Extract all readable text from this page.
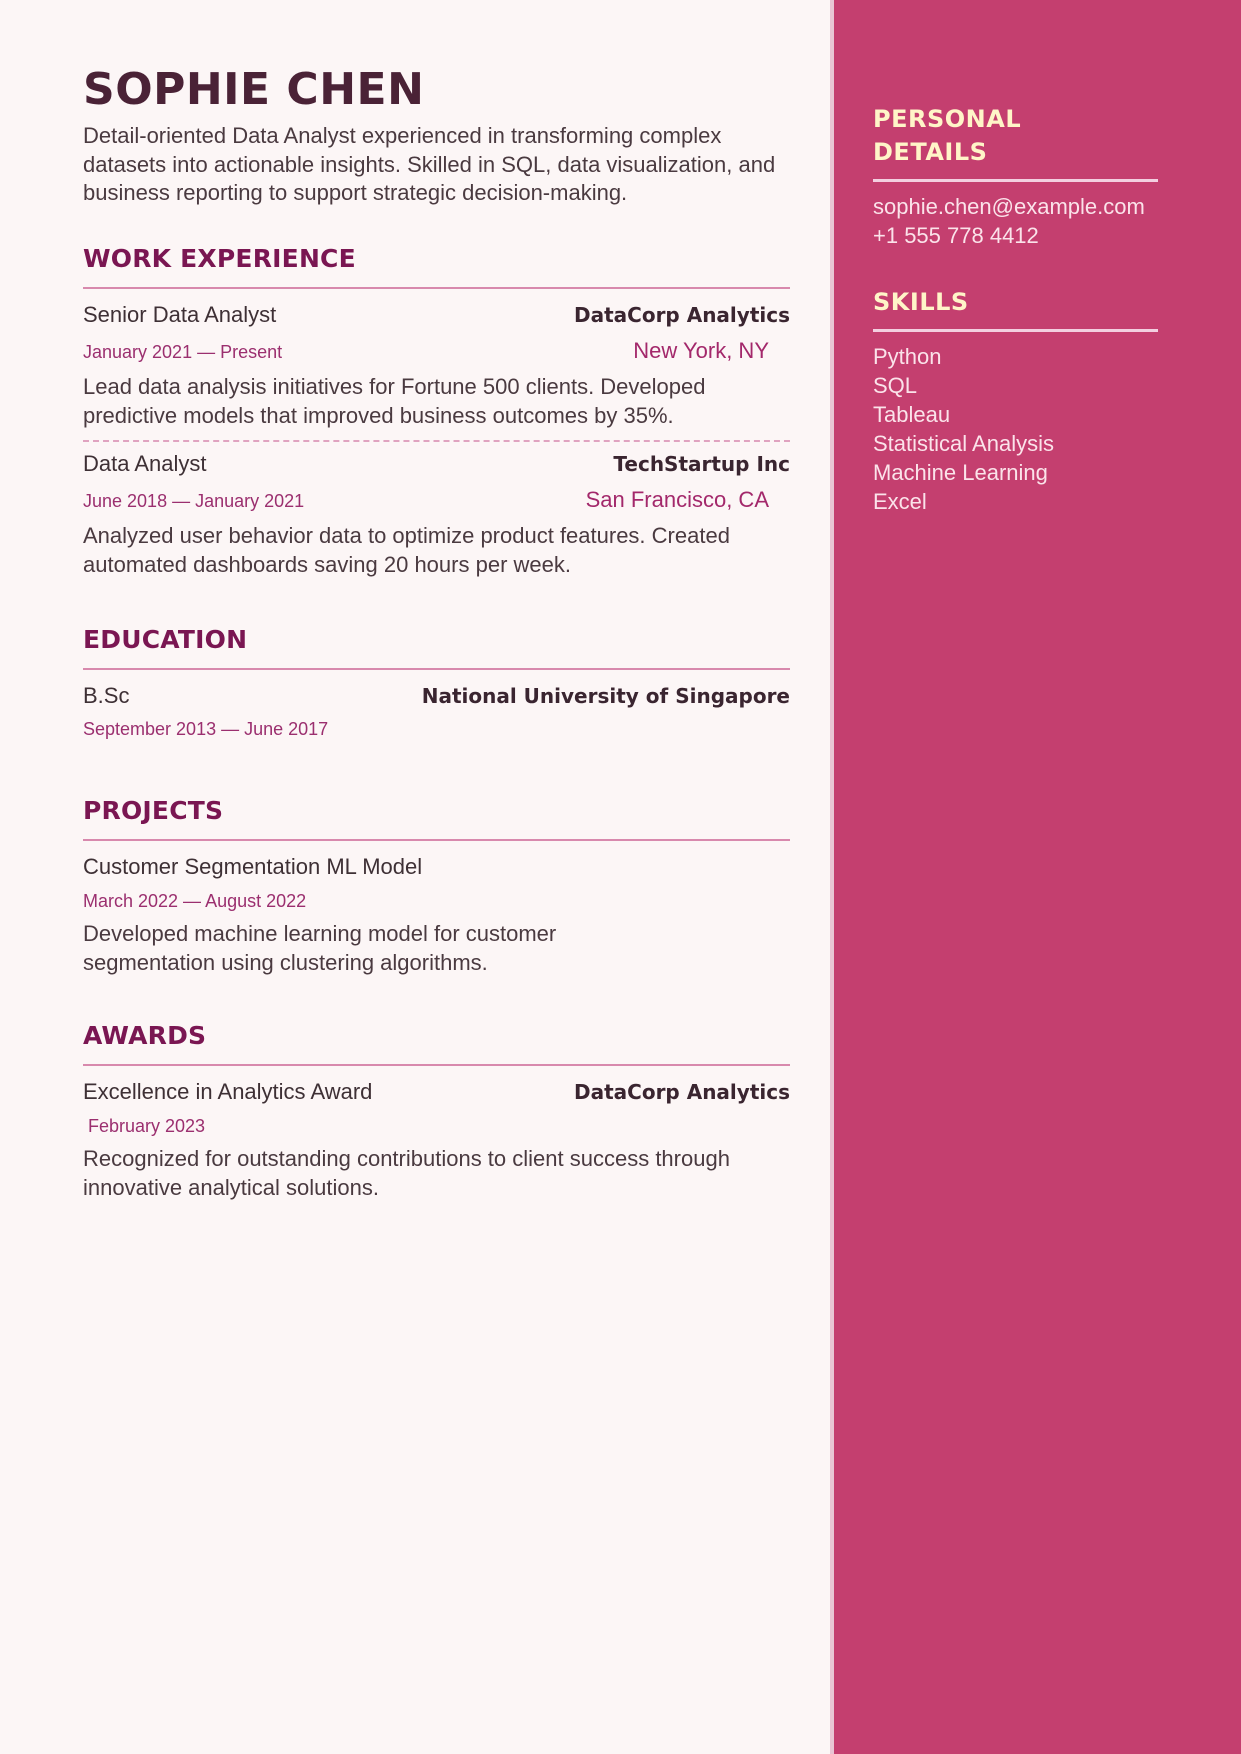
SOPHIE CHEN
Detail-oriented Data Analyst experienced in transforming complex datasets into actionable insights. Skilled in SQL, data visualization, and business reporting to support strategic decision-making.
WORK EXPERIENCE
Senior Data Analyst	DataCorp Analytics
January 2021 — Present	New York, NY
Lead data analysis initiatives for Fortune 500 clients. Developed predictive models that improved business outcomes by 35%.
Data Analyst	TechStartup Inc
June 2018 — January 2021	San Francisco, CA
Analyzed user behavior data to optimize product features. Created automated dashboards saving 20 hours per week.
EDUCATION
B.Sc	National University of Singapore
September 2013 — June 2017
PROJECTS
Customer Segmentation ML Model
March 2022 — August 2022
Developed machine learning model for customer segmentation using clustering algorithms.
AWARDS
Excellence in Analytics Award	DataCorp Analytics
February 2023
Recognized for outstanding contributions to client success through innovative analytical solutions.
PERSONAL DETAILS
sophie.chen@example.com
+1 555 778 4412
SKILLS
Python
SQL
Tableau
Statistical Analysis
Machine Learning
Excel
